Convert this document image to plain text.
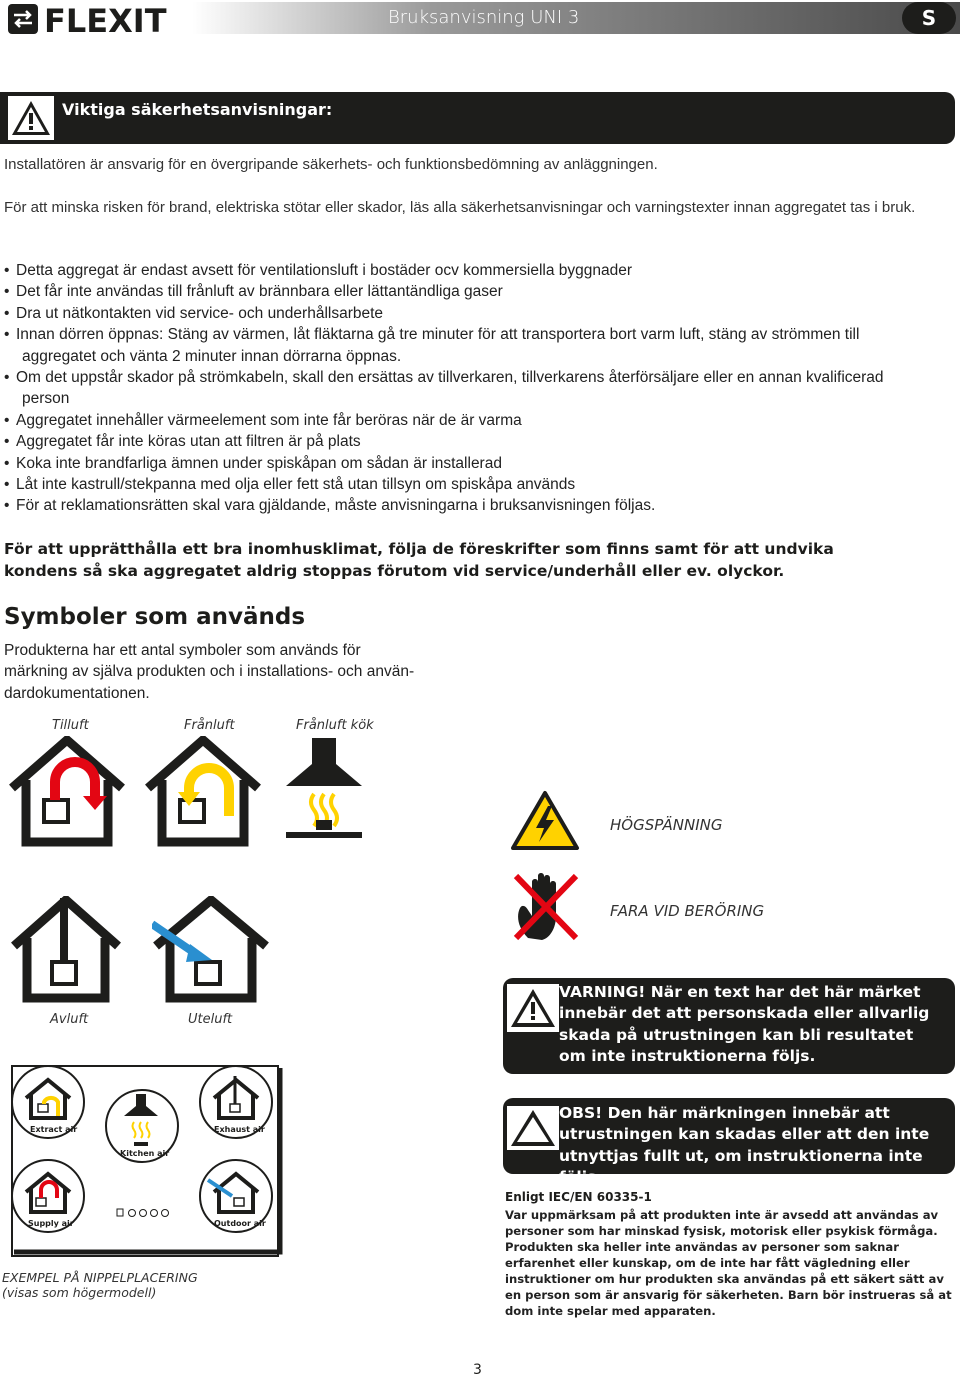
FLEXIT	Bruksanvisning UNI 3	S
Viktiga säkerhetsanvisningar:
Installatören är ansvarig för en övergripande säkerhets- och funktionsbedömning av anläggningen.
För att minska risken för brand, elektriska stötar eller skador, läs alla säkerhetsanvisningar och varningstexter innan aggregatet tas i bruk.
• Detta aggregat är endast avsett för ventilationsluft i bostäder ocv kommersiella byggnader
• Det får inte användas till frånluft av brännbara eller lättantändliga gaser
• Dra ut nätkontakten vid service- och underhållsarbete
• Innan dörren öppnas: Stäng av värmen, låt fläktarna gå tre minuter för att transportera bort varm luft, stäng av strömmen till
aggregatet och vänta 2 minuter innan dörrarna öppnas.
• Om det uppstår skador på strömkabeln, skall den ersättas av tillverkaren, tillverkarens återförsäljare eller en annan kvalificerad
person
• Aggregatet innehåller värmeelement som inte får beröras när de är varma
• Aggregatet får inte köras utan att filtren är på plats
• Koka inte brandfarliga ämnen under spiskåpan om sådan är installerad
• Låt inte kastrull/stekpanna med olja eller fett stå utan tillsyn om spiskåpa används
• För at reklamationsrätten skal vara gjäldande, måste anvisningarna i bruksanvisningen följas.
För att upprätthålla ett bra inomhusklimat, följa de föreskrifter som finns samt för att undvika kondens så ska aggregatet aldrig stoppas förutom vid service/underhåll eller ev. olyckor.
Symboler som används
Produkterna har ett antal symboler som används för
märkning av själva produkten och i installations- och använ-
dardokumentationen.
Tilluft	Frånluft	Frånluft kök
HÖGSPÄNNING
FARA VID BERÖRING
Avluft	Uteluft
VARNING! När en text har det här märket innebär det att personskada eller allvarlig skada på utrustningen kan bli resultatet om inte instruktionerna följs.
OBS! Den här märkningen innebär att utrustningen kan skadas eller att den inte utnyttjas fullt ut, om instruktionerna inte följs.
Extract air
Kitchen air
Exhaust air
Supply air	Outdoor air
EXEMPEL PÅ NIPPELPLACERING
(visas som högermodell)
Enligt IEC/EN 60335-1
Var uppmärksam på att produkten inte är avsedd att användas av personer som har minskad fysisk, motorisk eller psykisk förmåga. Produkten ska heller inte användas av personer som saknar erfarenhet eller kunskap, om de inte har fått vägledning eller instruktioner om hur produkten ska användas på ett säkert sätt av en person som är ansvarig för säkerheten. Barn bör instrueras så at dom inte spelar med apparaten.
3
